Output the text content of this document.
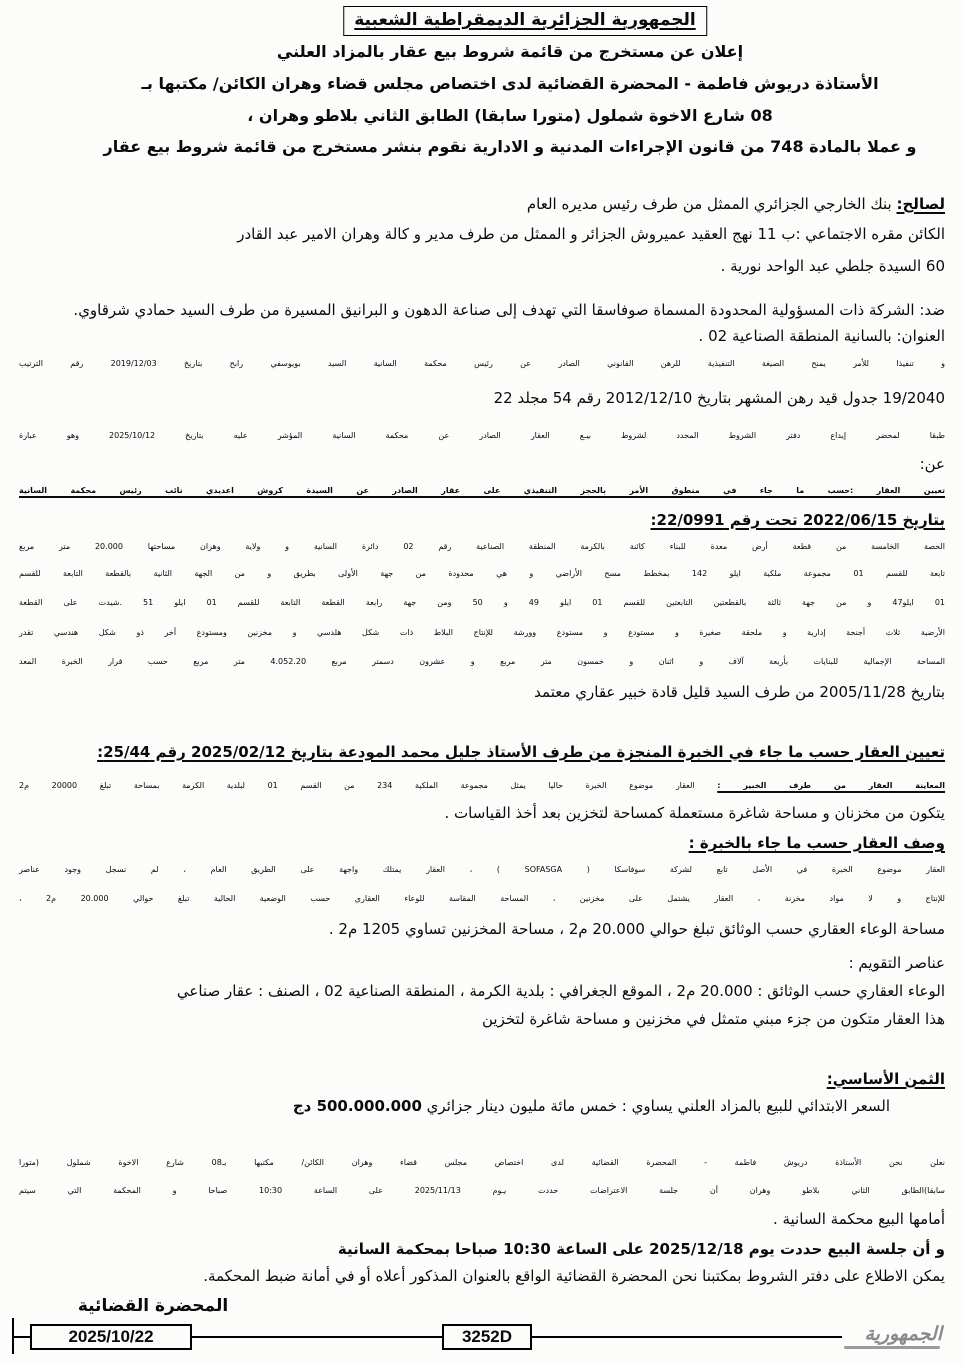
الجمهورية الجزائرية الديمقراطية الشعبية
إعلان عن مستخرج من قائمة شروط بيع عقار بالمزاد العلني
الأستاذة دريوش فاطمة - المحضرة القضائية لدى اختصاص مجلس قضاء وهران الكائن/ مكتبها بـ
08 شارع الاخوة شملول (متورا سابقا) الطابق الثاني بلاطو وهران ،
و عملا بالمادة 748 من قانون الإجراءات المدنية و الادارية نقوم بنشر مستخرج من قائمة شروط بيع عقار
لصالح: بنك الخارجي الجزائري الممثل من طرف رئيس مديره العام
الكائن مقره الاجتماعي :ب 11 نهج العقيد عميروش الجزائر و الممثل من طرف مدير و كالة وهران الامير عبد القادر
60 السيدة جلطي عبد الواحد نورية .
ضد: الشركة ذات المسؤولية المحدودة المسماة صوفاسقا التي تهدف إلى صناعة الدهون و البرانيق المسيرة من طرف السيد حمادي شرقاوي.
العنوان: بالسانية المنطقة الصناعية 02 .
و تنفيذا للأمر يمنح الصيغة التنفيذية للرهن القانوني الصادر عن رئيس محكمة السانية السيد بويوسفي رابح بتاريخ 2019/12/03 رقم الترتيب
19/2040 جدول قيد رهن المشهر بتاريخ 2012/12/10 رقم 54 مجلد 22
طبقا لمحضر إيداع دفتر الشروط المحدد لشروط بيـع العقار الصادر عن محكمة السانية المؤشر عليه بتاريخ 2025/10/12 وهو عبارة
عن:
تعيين العقار :حسب ما جاء في منطوق الأمر بالحجز التنفيذي على عقار الصادر عن السيدة كروش اعديدي نائب رئيس محكمة السانية
بتاريخ 2022/06/15 تحت رقم 22/0991:
الحصة الخامسة من قطعة أرض معدة للبناء كائنة بالكرمة المنطقة الصناعية رقم 02 دائرة السانية و ولاية وهران مساحتها 20.000 متر مربع
تابعة للقسم 01 مجموعة ملكية ايلو 142 بمخطط مسح الأراضي و هي محدودة من جهة الأولى بطريق و من الجهة الثانية بالقطعة التابعة للقسم
01 ايلو47 و من جهة ثالثة بالقطعتين التابعتين للقسم 01 ايلو 49 و 50 ومن جهة رابعة القطعة التابعة للقسم 01 ايلو 51 .شيدت على القطعة
الأرضية ثلاث أجنحة إدارية و ملحقة صغيرة و مستودع و مستودع وورشة للإنتاج البلاط ذات شكل هلدسي و مخزنين ومستودع أخر ذو شكل هندسي تقدر
المساحة الإجمالية للبنايات بأربعة آلاف و اثنان و خمسون متر مربع و عشرون دسمتر مربع 4.052.20 متر مربع حسب قرار الخبرة المعد
بتاريخ 2005/11/28 من طرف السيد قليل قادة خبير عقاري معتمد
تعيين العقار حسب ما جاء في الخبرة المنجزة من طرف الأستاذ جليل محمد المودعة بتاريخ 2025/02/12 رقم 25/44:
المعاينة العقار من طرف الخبير : العقار موضوع الخبرة حاليا يمثل مجموعة الملكية 234 من القسم 01 لبلدية الكرمة بمساحة تبلغ 20000 م2
يتكون من مخزنان و مساحة شاغرة مستعملة كمساحة لتخزين بعد أخذ القياسات .
وصف العقار حسب ما جاء بالخبرة :
العقار موضوع الخبرة في الأصل تابع لشركة سوفاسكا ( SOFASGA ) ، العقار يمتلك واجهة على الطريق العام ، لم نسجل وجود عناصر
للإنتاج و لا مواد مخزنة ، العقار يشتمل على مخزنين ، المساحة المقاسة للوعاء العقاري حسب الوضعية الحالية تبلغ حوالي 20.000 م2 ،
مساحة الوعاء العقاري حسب الوثائق تبلغ حوالي 20.000 م2 ، مساحة المخزنين تساوي 1205 م2 .
عناصر التقويم :
الوعاء العقاري حسب الوثائق : 20.000 م2 ، الموقع الجغرافي : بلدية الكرمة ، المنطقة الصناعية 02 ، الصنف : عقار صناعي
هذا العقار متكون من جزء مبني متمثل في مخزنين و مساحة شاغرة لتخزين
الثمن الأساسي:
السعر الابتدائي للبيع بالمزاد العلني يساوي : خمس مائة مليون دينار جزائري 500.000.000 دج
نعلن نحن الأستاذة دريوش فاطمة - المحضرة القضائية لدى اختصاص مجلس قضاء وهران الكائن/ مكتبها بـ08 شارع الاخوة شملول (متورا
سابقا)الطابق الثاني بلاطو وهران أن جلسة الاعتراضات حددت يـوم 2025/11/13 على الساعة 10:30 صباحا و المحكمة التي سيتم
أمامها البيع محكمة السانية .
و أن جلسة البيع حددت يوم 2025/12/18 على الساعة 10:30 صباحا بمحكمة السانية
يمكن الاطلاع على دفتر الشروط بمكتبنا نحن المحضرة القضائية الواقع بالعنوان المذكور أعلاه أو في أمانة ضبط المحكمة.
المحضرة القضائية
2025/10/22	3252D	الجمهورية
